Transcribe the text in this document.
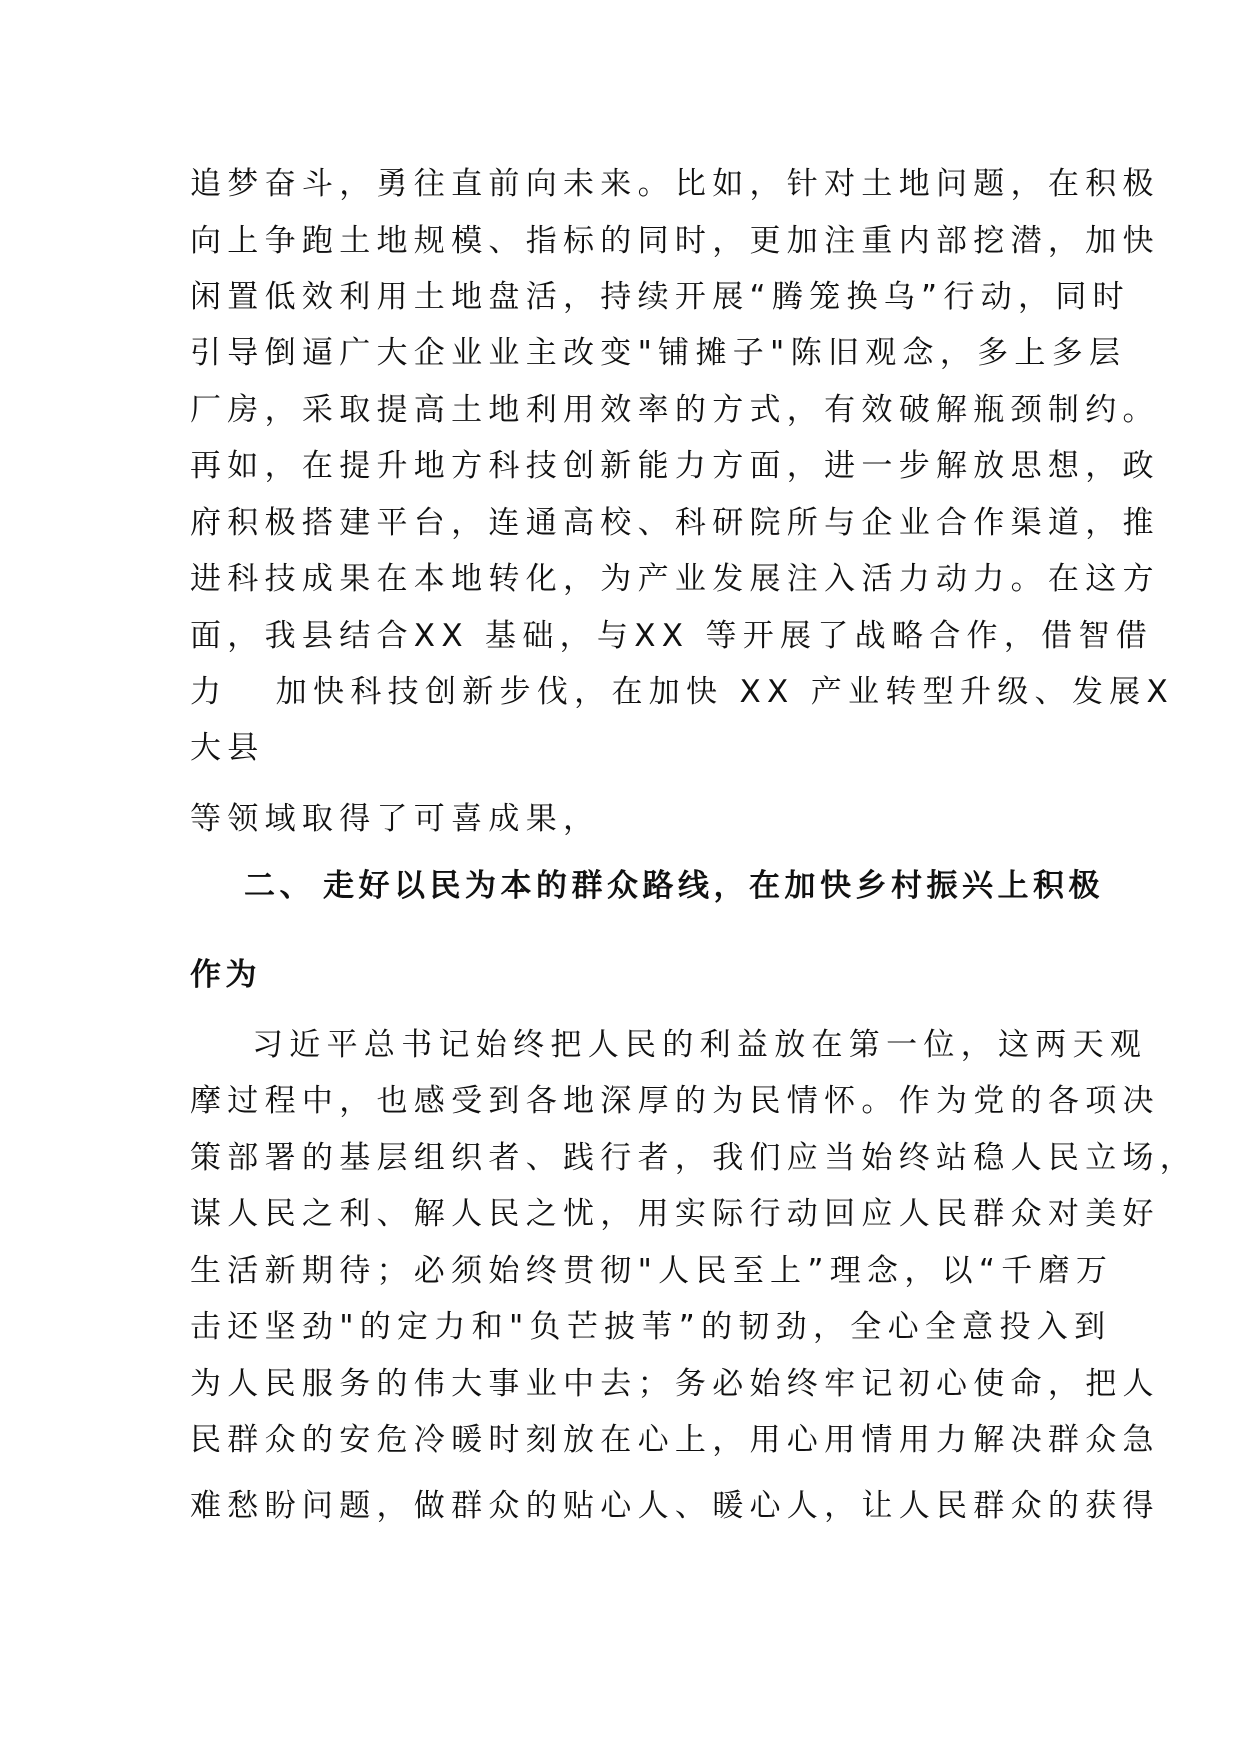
追梦奋斗，勇往直前向未来。比如，针对土地问题，在积极
向上争跑土地规模、指标的同时，更加注重内部挖潜，加快
闲置低效利用土地盘活，持续开展“腾笼换乌”行动，同时
引导倒逼广大企业业主改变"铺摊子"陈旧观念，多上多层
厂房，采取提高土地利用效率的方式，有效破解瓶颈制约。
再如，在提升地方科技创新能力方面，进一步解放思想，政
府积极搭建平台，连通高校、科研院所与企业合作渠道，推
进科技成果在本地转化，为产业发展注入活力动力。在这方
面，我县结合XX 基础，与XX 等开展了战略合作，借智借
力   加快科技创新步伐，在加快 XX 产业转型升级、发展X
大县
等领域取得了可喜成果，
二、 走好以民为本的群众路线，在加快乡村振兴上积极
作为
习近平总书记始终把人民的利益放在第一位，这两天观
摩过程中，也感受到各地深厚的为民情怀。作为党的各项决
策部署的基层组织者、践行者，我们应当始终站稳人民立场，
谋人民之利、解人民之忧，用实际行动回应人民群众对美好
生活新期待；必须始终贯彻"人民至上”理念，以“千磨万
击还坚劲"的定力和"负芒披苇”的韧劲，全心全意投入到
为人民服务的伟大事业中去；务必始终牢记初心使命，把人
民群众的安危冷暖时刻放在心上，用心用情用力解决群众急
难愁盼问题，做群众的贴心人、暖心人，让人民群众的获得
